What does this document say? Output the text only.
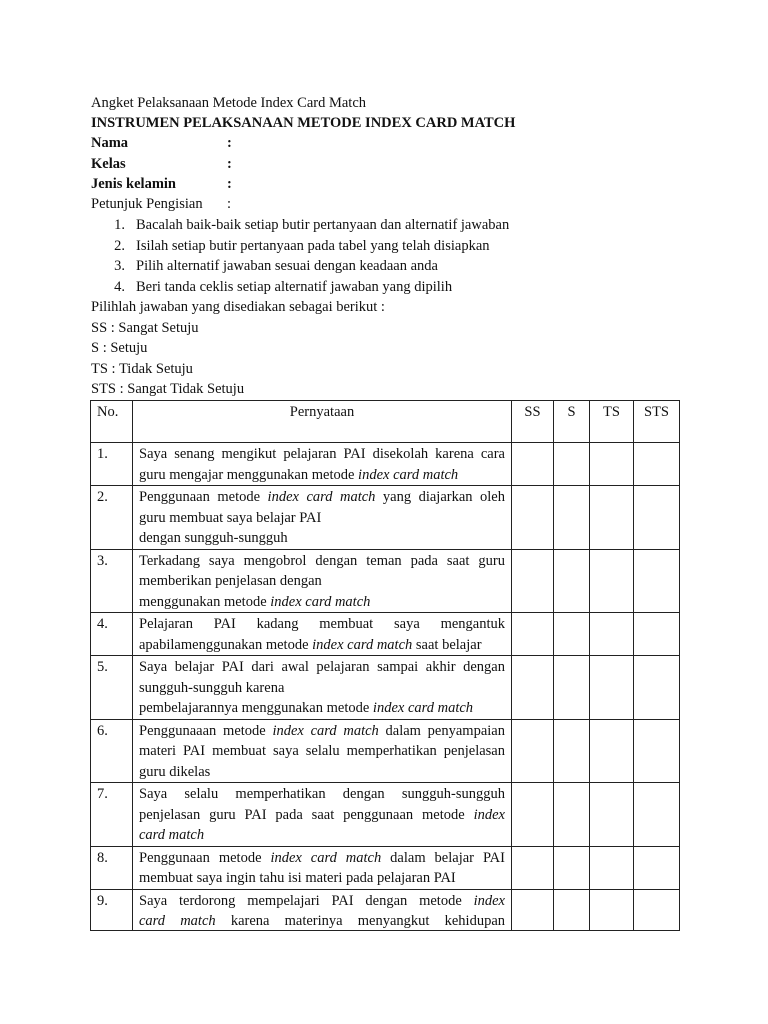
Angket Pelaksanaan Metode Index Card Match
INSTRUMEN PELAKSANAAN METODE INDEX CARD MATCH
Nama	:
Kelas	:
Jenis kelamin	:
Petunjuk Pengisian :
1. Bacalah baik-baik setiap butir pertanyaan dan alternatif jawaban
2. Isilah setiap butir pertanyaan pada tabel yang telah disiapkan
3. Pilih alternatif jawaban sesuai dengan keadaan anda
4. Beri tanda ceklis setiap alternatif jawaban yang dipilih
Pilihlah jawaban yang disediakan sebagai berikut :
SS : Sangat Setuju
S : Setuju
TS : Tidak Setuju
STS : Sangat Tidak Setuju
No.	Pernyataan	SS	S	TS	STS
1.	Saya senang mengikut pelajaran PAI disekolah karena cara
guru mengajar menggunakan metode index card match				

2.	Penggunaan metode index card match yang diajarkan oleh
guru membuat saya belajar PAI
dengan sungguh-sungguh				

3.	Terkadang saya mengobrol dengan teman pada saat guru
memberikan penjelasan dengan
menggunakan metode index card match				

4.	Pelajaran PAI kadang membuat saya mengantuk
apabilamenggunakan metode index card match saat belajar				

5.	Saya belajar PAI dari awal pelajaran sampai akhir dengan
sungguh-sungguh karena
pembelajarannya menggunakan metode index card match				

6.	Penggunaaan metode index card match dalam penyampaian
materi PAI membuat saya selalu memperhatikan penjelasan
guru dikelas				

7.	Saya selalu memperhatikan dengan sungguh-sungguh
penjelasan guru PAI pada saat penggunaan metode index
card match				

8.	Penggunaan metode index card match dalam belajar PAI
membuat saya ingin tahu isi materi pada pelajaran PAI				

9.	Saya terdorong mempelajari PAI dengan metode index
card match karena materinya menyangkut kehidupan				
